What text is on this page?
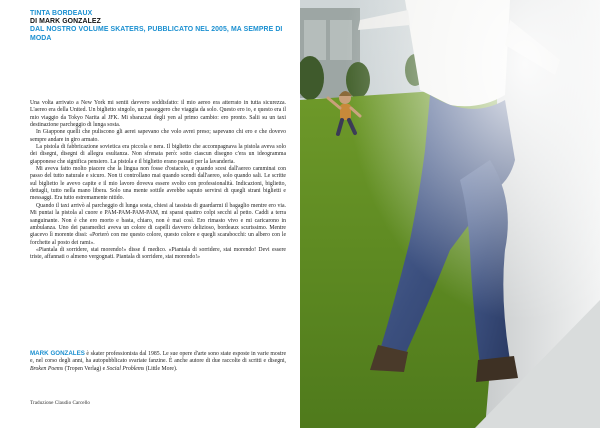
TINTA BORDEAUX
DI MARK GONZALEZ
DAL NOSTRO VOLUME SKATERS, PUBBLICATO NEL 2005, MA SEMPRE DI MODA

Una volta arrivato a New York mi sentii davvero soddisfatto: il mio aereo era atterrato in tutta sicurezza. L'aereo era della United. Un biglietto singolo, un passeggero che viaggia da solo. Questo ero io, e questo era il mio viaggio da Tokyo Narita al JFK. Mi sbarazzai degli yen al primo cambio: ero pronto. Salii su un taxi destinazione parcheggio di lunga sosta.

In Giappone quelli che puliscono gli aerei sapevano che volo avrei preso; sapevano chi ero e che dovevo sempre andare in giro armato.

La pistola di fabbricazione sovietica era piccola e nera. Il biglietto che accompagnava la pistola aveva solo dei disegni, disegni di allegra esultanza. Non sfrenata però: sotto ciascun disegno c'era un ideogramma giapponese che significa pensiero. La pistola e il biglietto erano passati per la lavanderia.

Mi aveva fatto molto piacere che la lingua non fosse d'ostacolo, e quando scesi dall'aereo camminai con passo del tutto naturale e sicuro. Non ti controllano mai quando scendi dall'aereo, solo quando sali. Le scritte sul biglietto le avevo capite e il mio lavoro doveva essere svolto con professionalità. Indicazioni, biglietto, dettagli, tutto nella mano libera. Solo una mente sottile avrebbe saputo servirsi di quegli strani biglietti e messaggi. Era tutto estremamente nitido.

Quando il taxi arrivò al parcheggio di lunga sosta, chiesi al tassista di guardarmi il bagaglio mentre ero via. Mi puntai la pistola al cuore e PAM-PAM-PAM-PAM, mi sparai quattro colpi secchi al petto. Caddi a terra sanguinante. Non è che ero morto e basta, chiaro, non è mai così. Ero rimasto vivo e mi caricarono in ambulanza. Uno dei paramedici aveva un colore di capelli davvero delizioso, bordeaux scurissimo. Mentre giacevo lì morente dissi: «Porterò con me questo colore, questo colore e quegli scarabocchi: un albero con le forchette al posto dei rami».

«Piantala di sorridere, stai morendo!» disse il medico. «Piantala di sorridere, stai morendo! Devi essere triste, affannati o almeno vergognati. Piantala di sorridere, stai morendo!»

MARK GONZALES è skater professionista dal 1985. Le sue opere d'arte sono state esposte in varie mostre e, nel corso degli anni, ha autopubblicato svariate fanzine. È anche autore di due raccolte di scritti e disegni, Broken Poems (Tropen Verlag) e Social Problems (Little More).
Traduzione Claudio Carcello
